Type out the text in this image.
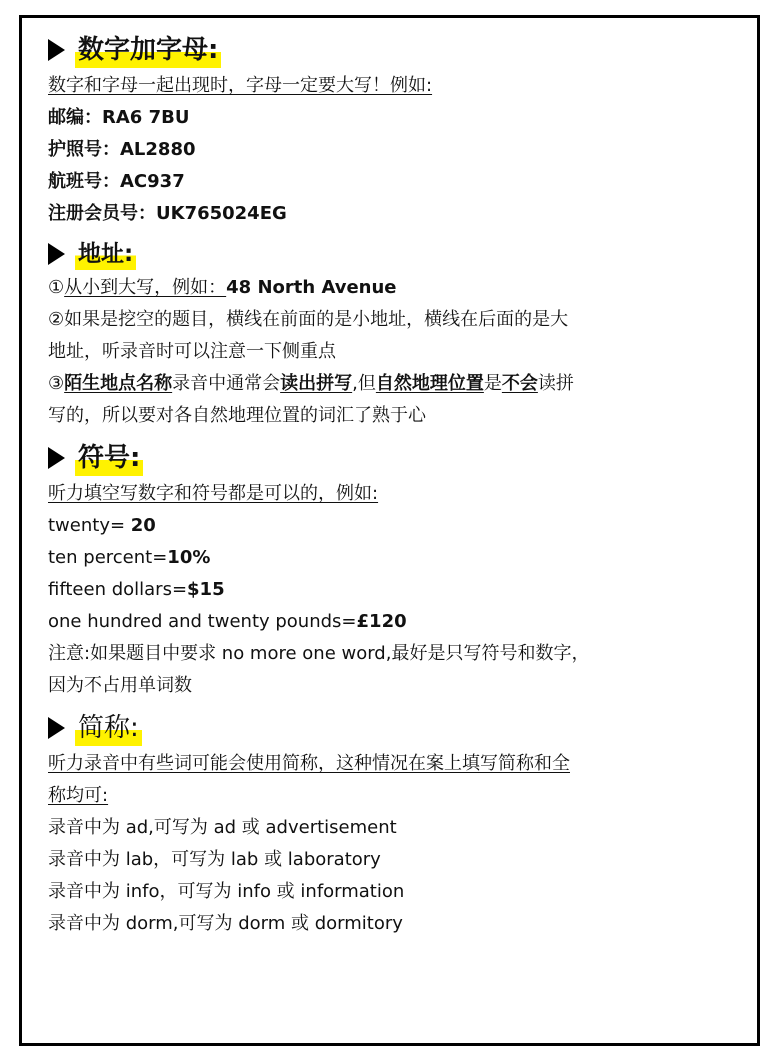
数字加字母:
数字和字母一起出现时，字母一定要大写！例如:
邮编：RA6 7BU
护照号：AL2880
航班号：AC937
注册会员号：UK765024EG
地址:
①从小到大写，例如：48 North Avenue
②如果是挖空的题目，横线在前面的是小地址，横线在后面的是大
地址，听录音时可以注意一下侧重点
③陌生地点名称录音中通常会读出拼写,但自然地理位置是不会读拼
写的，所以要对各自然地理位置的词汇了熟于心
符号:
听力填空写数字和符号都是可以的，例如:
twenty= 20
ten percent=10%
fifteen dollars=$15
one hundred and twenty pounds=£120
注意:如果题目中要求 no more one word,最好是只写符号和数字，
因为不占用单词数
简称:
听力录音中有些词可能会使用简称，这种情况在案上填写简称和全
称均可:
录音中为 ad,可写为 ad 或 advertisement
录音中为 lab，可写为 lab 或 laboratory
录音中为 info，可写为 info 或 information
录音中为 dorm,可写为 dorm 或 dormitory
